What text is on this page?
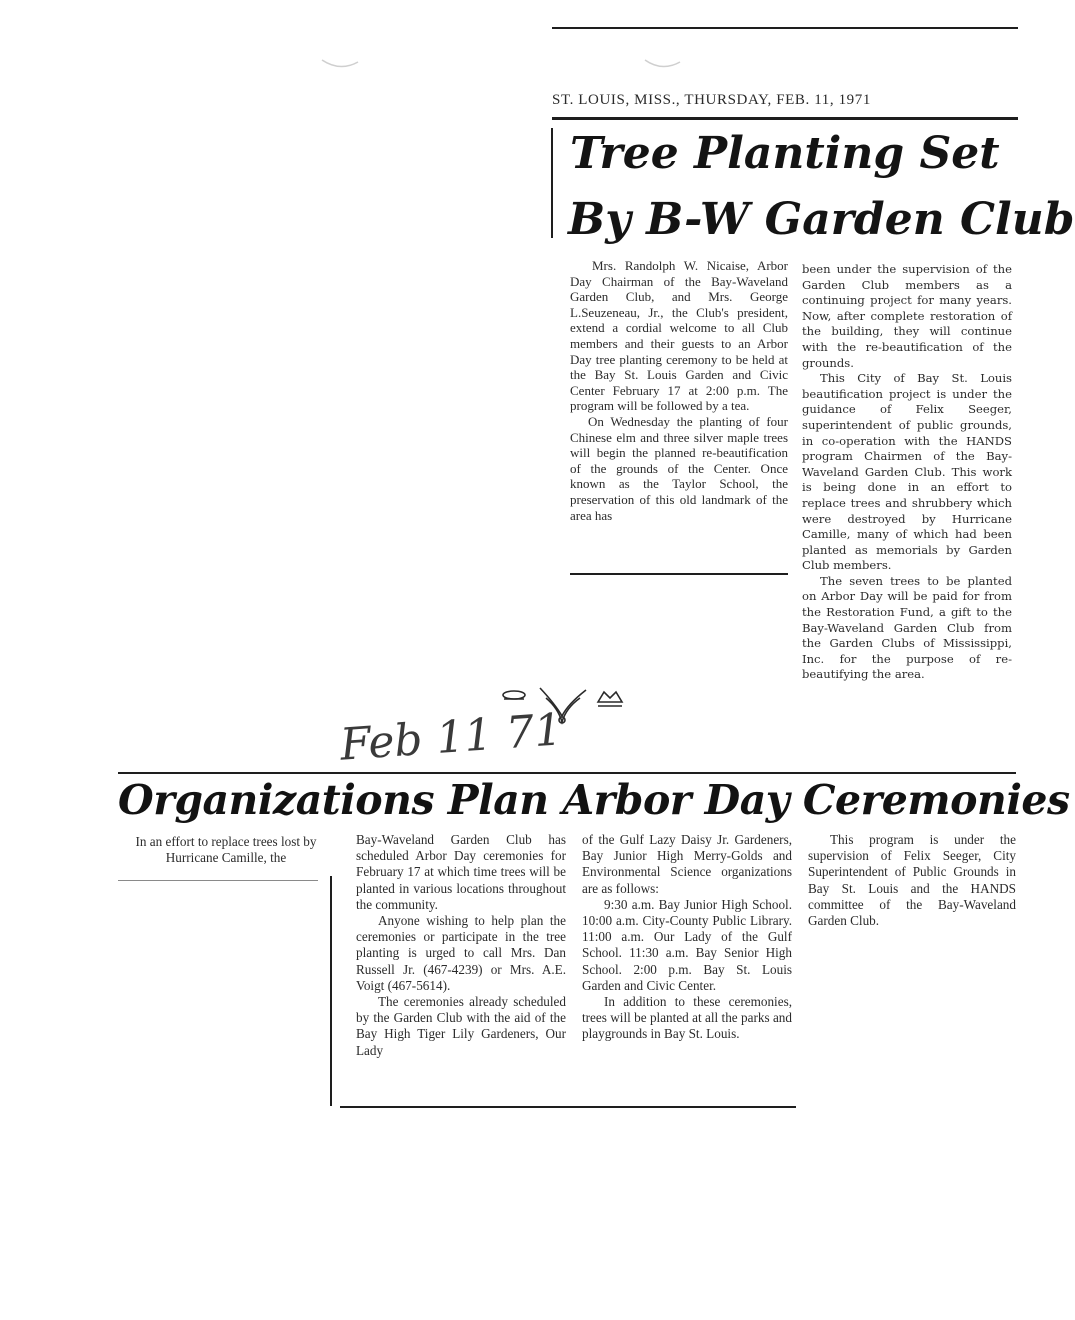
ST. LOUIS, MISS., THURSDAY, FEB. 11, 1971
Tree Planting Set
By B-W Garden Club

Mrs. Randolph W. Nicaise, Arbor Day Chairman of the Bay-Waveland Garden Club, and Mrs. George L.Seuzeneau, Jr., the Club's president, extend a cordial welcome to all Club members and their guests to an Arbor Day tree planting ceremony to be held at the Bay St. Louis Garden and Civic Center February 17 at 2:00 p.m. The program will be followed by a tea.

On Wednesday the planting of four Chinese elm and three silver maple trees will begin the planned re-beautification of the grounds of the Center. Once known as the Taylor School, the preservation of this old landmark of the area has

been under the supervision of the Garden Club members as a continuing project for many years. Now, after complete restoration of the building, they will continue with the re-beautification of the grounds.

This City of Bay St. Louis beautification project is under the guidance of Felix Seeger, superintendent of public grounds, in co-operation with the HANDS program Chairmen of the Bay-Waveland Garden Club. This work is being done in an effort to replace trees and shrubbery which were destroyed by Hurricane Camille, many of which had been planted as memorials by Garden Club members.

The seven trees to be planted on Arbor Day will be paid for from the Restoration Fund, a gift to the Bay-Waveland Garden Club from the Garden Clubs of Mississippi, Inc. for the purpose of re-beautifying the area.

Feb 11 71
Organizations Plan Arbor Day Ceremonies

In an effort to replace trees lost by Hurricane Camille, the

Bay-Waveland Garden Club has scheduled Arbor Day ceremonies for February 17 at which time trees will be planted in various locations throughout the community.

Anyone wishing to help plan the ceremonies or participate in the tree planting is urged to call Mrs. Dan Russell Jr. (467-4239) or Mrs. A.E. Voigt (467-5614).

The ceremonies already scheduled by the Garden Club with the aid of the Bay High Tiger Lily Gardeners, Our Lady

of the Gulf Lazy Daisy Jr. Gardeners, Bay Junior High Merry-Golds and Environmental Science organizations are as follows:

9:30 a.m. Bay Junior High School. 10:00 a.m. City-County Public Library. 11:00 a.m. Our Lady of the Gulf School. 11:30 a.m. Bay Senior High School. 2:00 p.m. Bay St. Louis Garden and Civic Center.

In addition to these ceremonies, trees will be planted at all the parks and playgrounds in Bay St. Louis.

This program is under the supervision of Felix Seeger, City Superintendent of Public Grounds in Bay St. Louis and the HANDS committee of the Bay-Waveland Garden Club.
